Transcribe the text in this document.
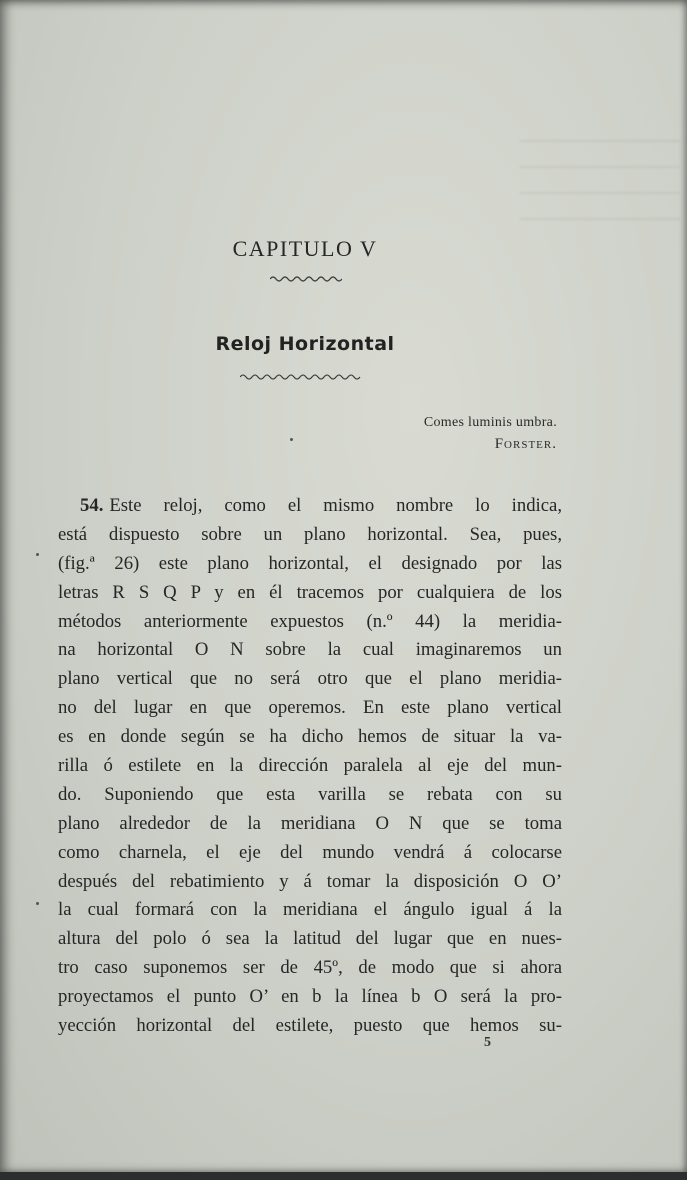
CAPITULO V
Reloj Horizontal
Comes luminis umbra.
Forster.
54. Este reloj, como el mismo nombre lo indica,
está dispuesto sobre un plano horizontal. Sea, pues,
(fig.ª 26) este plano horizontal, el designado por las
letras R S Q P y en él tracemos por cualquiera de los
métodos anteriormente expuestos (n.º 44) la meridia-
na horizontal O N sobre la cual imaginaremos un
plano vertical que no será otro que el plano meridia-
no del lugar en que operemos. En este plano vertical
es en donde según se ha dicho hemos de situar la va-
rilla ó estilete en la dirección paralela al eje del mun-
do. Suponiendo que esta varilla se rebata con su
plano alrededor de la meridiana O N que se toma
como charnela, el eje del mundo vendrá á colocarse
después del rebatimiento y á tomar la disposición O O’
la cual formará con la meridiana el ángulo igual á la
altura del polo ó sea la latitud del lugar que en nues-
tro caso suponemos ser de 45º, de modo que si ahora
proyectamos el punto O’ en b la línea b O será la pro-
yección horizontal del estilete, puesto que hemos su-
5
